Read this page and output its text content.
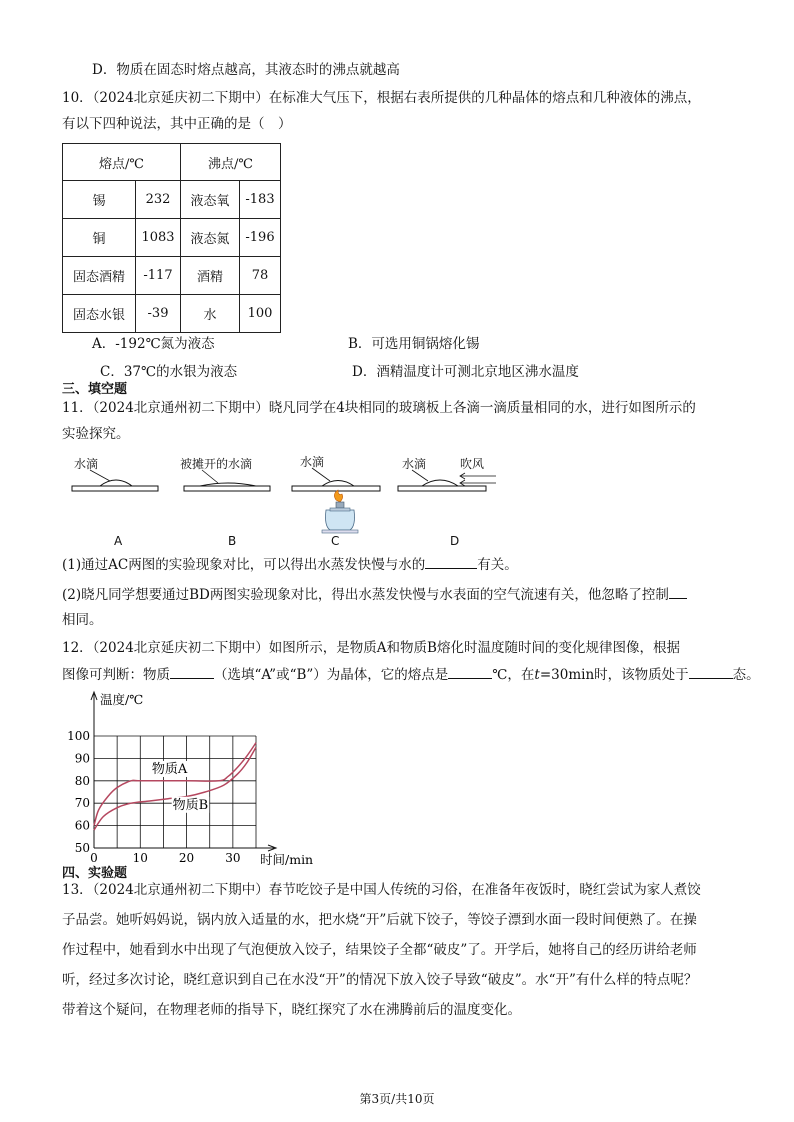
D．物质在固态时熔点越高，其液态时的沸点就越高
10．（2024北京延庆初二下期中）在标准大气压下，根据右表所提供的几种晶体的熔点和几种液体的沸点，
有以下四种说法，其中正确的是（　）
熔点/℃		沸点/℃	
锡	232	液态氧	-183
铜	1083	液态氮	-196
固态酒精	-117	酒精	78
固态水银	-39	水	100
A．-192℃氮为液态	B．可选用铜锅熔化锡
C．37℃的水银为液态	D．酒精温度计可测北京地区沸水温度
三、填空题
11．（2024北京通州初二下期中）晓凡同学在4块相同的玻璃板上各滴一滴质量相同的水，进行如图所示的
实验探究。
水滴	被摊开的水滴	水滴	水滴	吹风
A	B	C	D
(1)通过AC两图的实验现象对比，可以得出水蒸发快慢与水的	有关。
(2)晓凡同学想要通过BD两图实验现象对比，得出水蒸发快慢与水表面的空气流速有关，他忽略了控制
相同。
12．（2024北京延庆初二下期中）如图所示，是物质A和物质B熔化时温度随时间的变化规律图像，根据
图像可判断：物质	（选填“A”或“B”）为晶体，它的熔点是	℃，在t=30min时，该物质处于	态。
50
60
70
80
90
100
0	10	20	30
温度/℃
时间/min
物质A
物质B
四、实验题
13．（2024北京通州初二下期中）春节吃饺子是中国人传统的习俗，在准备年夜饭时，晓红尝试为家人煮饺
子品尝。她听妈妈说，锅内放入适量的水，把水烧“开”后就下饺子，等饺子漂到水面一段时间便熟了。在操
作过程中，她看到水中出现了气泡便放入饺子，结果饺子全都“破皮”了。开学后，她将自己的经历讲给老师
听，经过多次讨论，晓红意识到自己在水没“开”的情况下放入饺子导致“破皮”。水“开”有什么样的特点呢？
带着这个疑问，在物理老师的指导下，晓红探究了水在沸腾前后的温度变化。
第3页/共10页
